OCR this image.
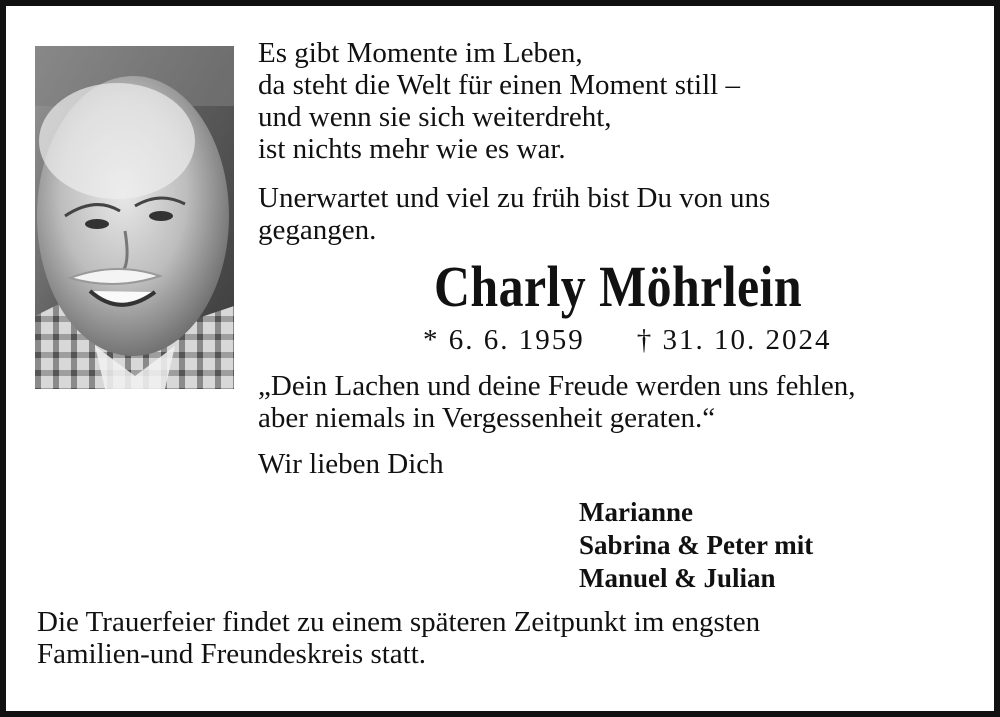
Es gibt Momente im Leben,
da steht die Welt für einen Moment still –
und wenn sie sich weiterdreht,
ist nichts mehr wie es war.
Unerwartet und viel zu früh bist Du von uns
gegangen.
Charly Möhrlein
* 6. 6. 1959 † 31. 10. 2024
„Dein Lachen und deine Freude werden uns fehlen,
aber niemals in Vergessenheit geraten.“
Wir lieben Dich
Marianne
Sabrina & Peter mit
Manuel & Julian
Die Trauerfeier findet zu einem späteren Zeitpunkt im engsten
Familien-und Freundeskreis statt.
